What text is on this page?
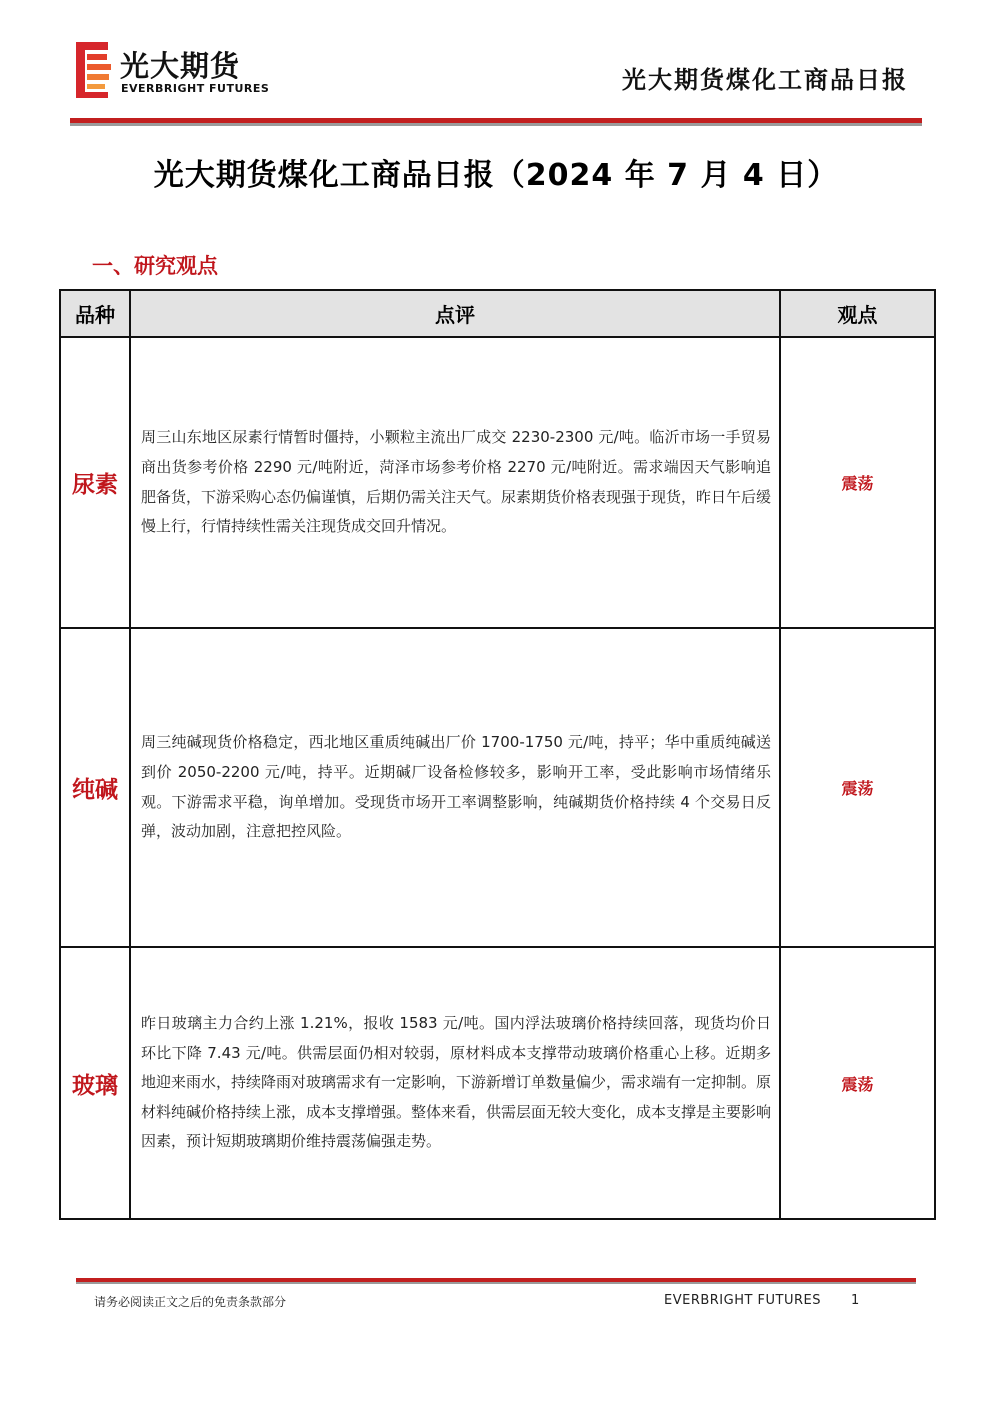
光大期货
EVERBRIGHT FUTURES	光大期货煤化工商品日报
光大期货煤化工商品日报（2024 年 7 月 4 日）
一、研究观点
品种	点评	观点
尿素	周三山东地区尿素行情暂时僵持，小颗粒主流出厂成交 2230-2300 元/吨。临沂市场一手贸易商出货参考价格 2290 元/吨附近，菏泽市场参考价格 2270 元/吨附近。需求端因天气影响追肥备货，下游采购心态仍偏谨慎，后期仍需关注天气。尿素期货价格表现强于现货，昨日午后缓慢上行，行情持续性需关注现货成交回升情况。	震荡
纯碱	周三纯碱现货价格稳定，西北地区重质纯碱出厂价 1700-1750 元/吨，持平；华中重质纯碱送到价 2050-2200 元/吨，持平。近期碱厂设备检修较多，影响开工率，受此影响市场情绪乐观。下游需求平稳，询单增加。受现货市场开工率调整影响，纯碱期货价格持续 4 个交易日反弹，波动加剧，注意把控风险。	震荡
玻璃	昨日玻璃主力合约上涨 1.21%，报收 1583 元/吨。国内浮法玻璃价格持续回落，现货均价日环比下降 7.43 元/吨。供需层面仍相对较弱，原材料成本支撑带动玻璃价格重心上移。近期多地迎来雨水，持续降雨对玻璃需求有一定影响，下游新增订单数量偏少，需求端有一定抑制。原材料纯碱价格持续上涨，成本支撑增强。整体来看，供需层面无较大变化，成本支撑是主要影响因素，预计短期玻璃期价维持震荡偏强走势。	震荡
请务必阅读正文之后的免责条款部分	EVERBRIGHT FUTURES 1
